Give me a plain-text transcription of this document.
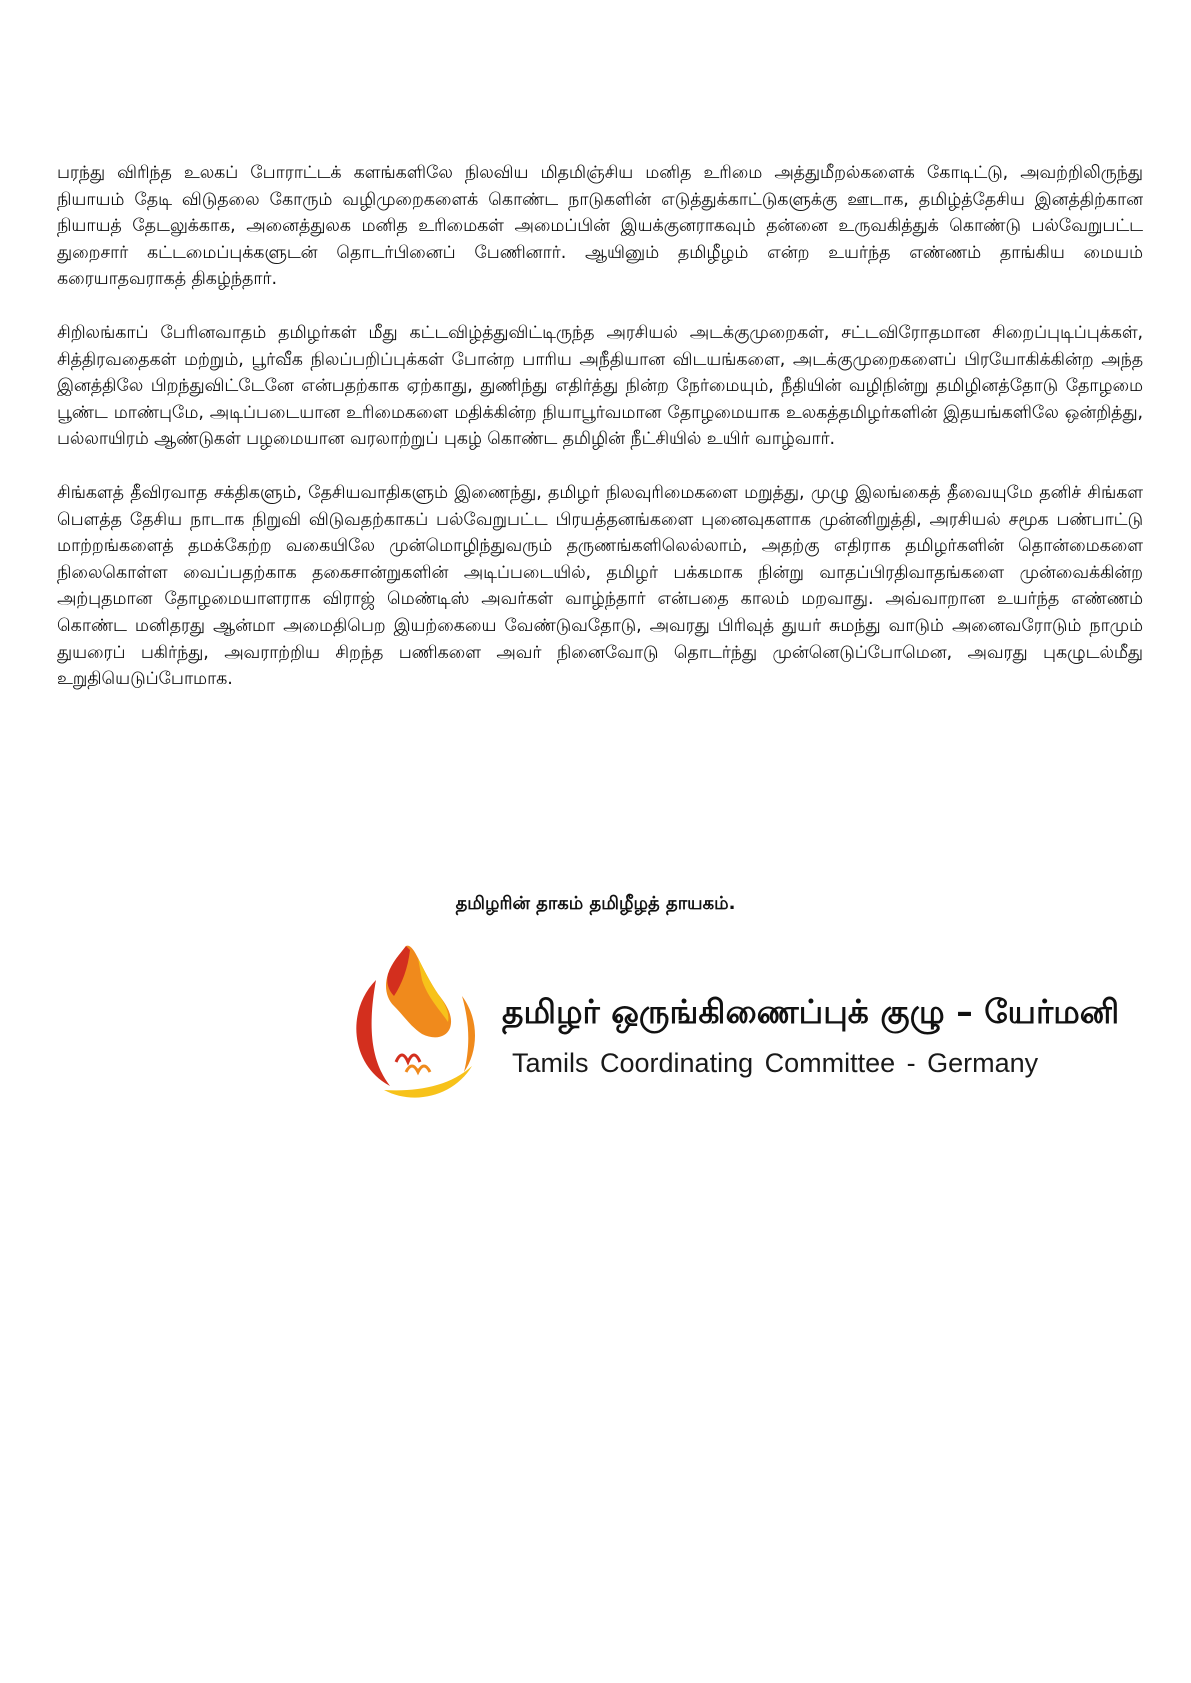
பரந்து விரிந்த உலகப் போராட்டக் களங்களிலே நிலவிய மிதமிஞ்சிய மனித உரிமை அத்துமீறல்களைக் கோடிட்டு, அவற்றிலிருந்து நியாயம் தேடி விடுதலை கோரும் வழிமுறைகளைக் கொண்ட நாடுகளின் எடுத்துக்காட்டுகளுக்கு ஊடாக, தமிழ்த்தேசிய இனத்திற்கான நியாயத் தேடலுக்காக, அனைத்துலக மனித உரிமைகள் அமைப்பின் இயக்குனராகவும் தன்னை உருவகித்துக் கொண்டு பல்வேறுபட்ட துறைசார் கட்டமைப்புக்களுடன் தொடர்பினைப் பேணினார். ஆயினும் தமிழீழம் என்ற உயர்ந்த எண்ணம் தாங்கிய மையம் கரையாதவராகத் திகழ்ந்தார்.

சிறிலங்காப் பேரினவாதம் தமிழர்கள் மீது கட்டவிழ்த்துவிட்டிருந்த அரசியல் அடக்குமுறைகள், சட்டவிரோதமான சிறைப்புடிப்புக்கள், சித்திரவதைகள் மற்றும், பூர்வீக நிலப்பறிப்புக்கள் போன்ற பாரிய அநீதியான விடயங்களை, அடக்குமுறைகளைப் பிரயோகிக்கின்ற அந்த இனத்திலே பிறந்துவிட்டேனே என்பதற்காக ஏற்காது, துணிந்து எதிர்த்து நின்ற நேர்மையும், நீதியின் வழிநின்று தமிழினத்தோடு தோழமை பூண்ட மாண்புமே, அடிப்படையான உரிமைகளை மதிக்கின்ற நியாபூர்வமான தோழமையாக உலகத்தமிழர்களின் இதயங்களிலே ஒன்றித்து, பல்லாயிரம் ஆண்டுகள் பழமையான வரலாற்றுப் புகழ் கொண்ட தமிழின் நீட்சியில் உயிர் வாழ்வார்.

சிங்களத் தீவிரவாத சக்திகளும், தேசியவாதிகளும் இணைந்து, தமிழர் நிலவுரிமைகளை மறுத்து, முழு இலங்கைத் தீவையுமே தனிச் சிங்கள பௌத்த தேசிய நாடாக நிறுவி விடுவதற்காகப் பல்வேறுபட்ட பிரயத்தனங்களை புனைவுகளாக முன்னிறுத்தி, அரசியல் சமூக பண்பாட்டு மாற்றங்களைத் தமக்கேற்ற வகையிலே முன்மொழிந்துவரும் தருணங்களிலெல்லாம், அதற்கு எதிராக தமிழர்களின் தொன்மைகளை நிலைகொள்ள வைப்பதற்காக தகைசான்றுகளின் அடிப்படையில், தமிழர் பக்கமாக நின்று வாதப்பிரதிவாதங்களை முன்வைக்கின்ற அற்புதமான தோழமையாளராக விராஜ் மெண்டிஸ் அவர்கள் வாழ்ந்தார் என்பதை காலம் மறவாது. அவ்வாறான உயர்ந்த எண்ணம் கொண்ட மனிதரது ஆன்மா அமைதிபெற இயற்கையை வேண்டுவதோடு, அவரது பிரிவுத் துயர் சுமந்து வாடும் அனைவரோடும் நாமும் துயரைப் பகிர்ந்து, அவராற்றிய சிறந்த பணிகளை அவர் நினைவோடு தொடர்ந்து முன்னெடுப்போமென, அவரது புகழுடல்மீது உறுதியெடுப்போமாக.

தமிழரின் தாகம் தமிழீழத் தாயகம்.
தமிழர் ஒருங்கிணைப்புக் குழு – யேர்மனி
Tamils Coordinating Committee - Germany
